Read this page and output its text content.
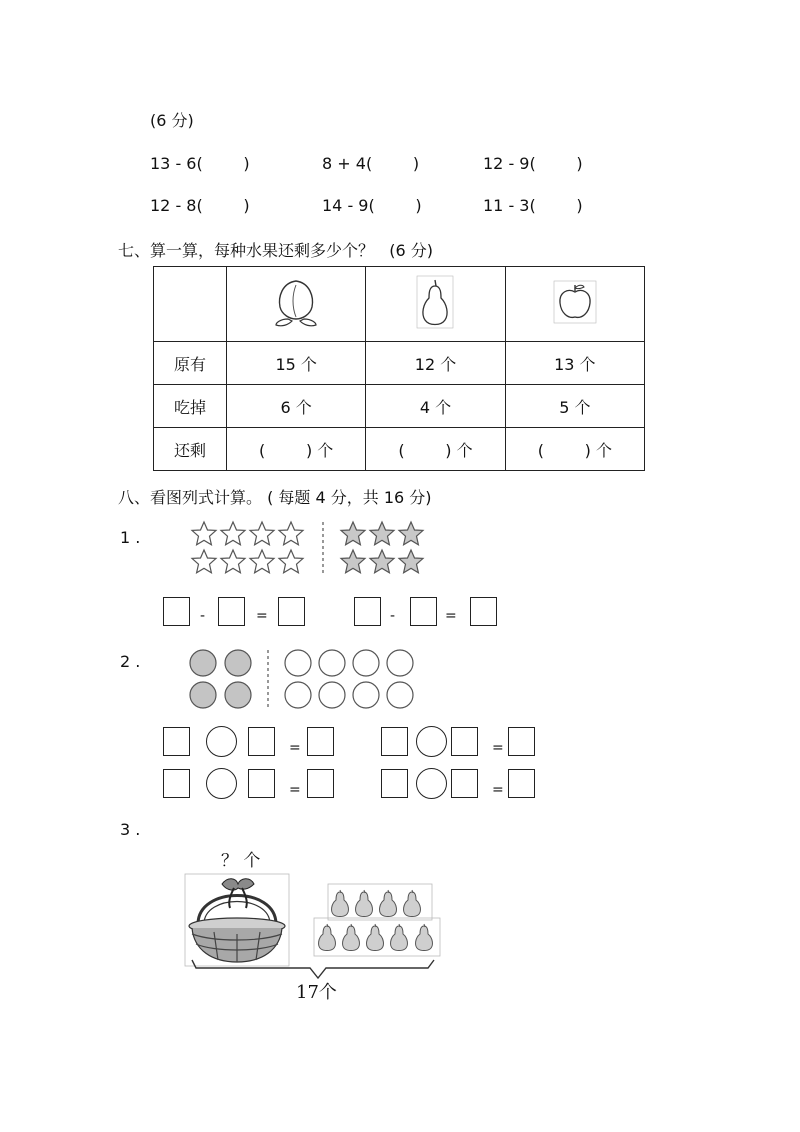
(6 分)
13 - 6(        )	8 + 4(        )	12 - 9(        )
12 - 8(        )	14 - 9(        )	11 - 3(        )
七、算一算，每种水果还剩多少个？   (6 分)

原有	15 个	12 个	13 个
吃掉	6 个	4 个	5 个
还剩	(        ) 个	(        ) 个	(        ) 个
八、看图列式计算。 ( 每题 4 分，共 16 分)
1 .
-	=	-	=
2 .
=	=
=	=
3 .
？ 个
17个
